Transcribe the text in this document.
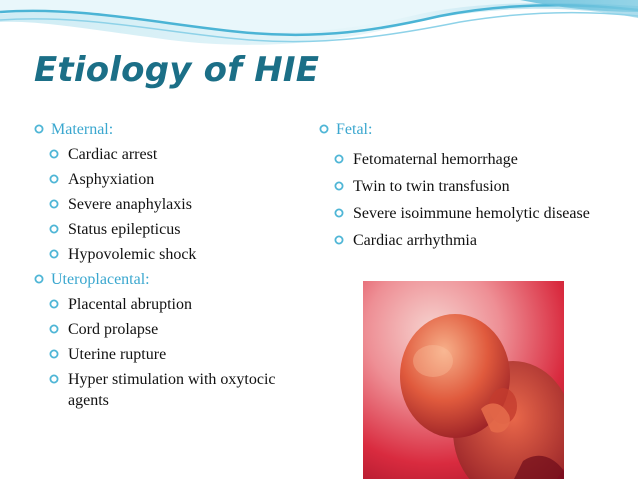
Etiology of HIE
Maternal:
Cardiac arrest
Asphyxiation
Severe anaphylaxis
Status epilepticus
Hypovolemic shock
Uteroplacental:
Placental abruption
Cord prolapse
Uterine rupture
Hyper stimulation with oxytocic agents
Fetal:
Fetomaternal hemorrhage
Twin to twin transfusion
Severe isoimmune hemolytic disease
Cardiac arrhythmia
